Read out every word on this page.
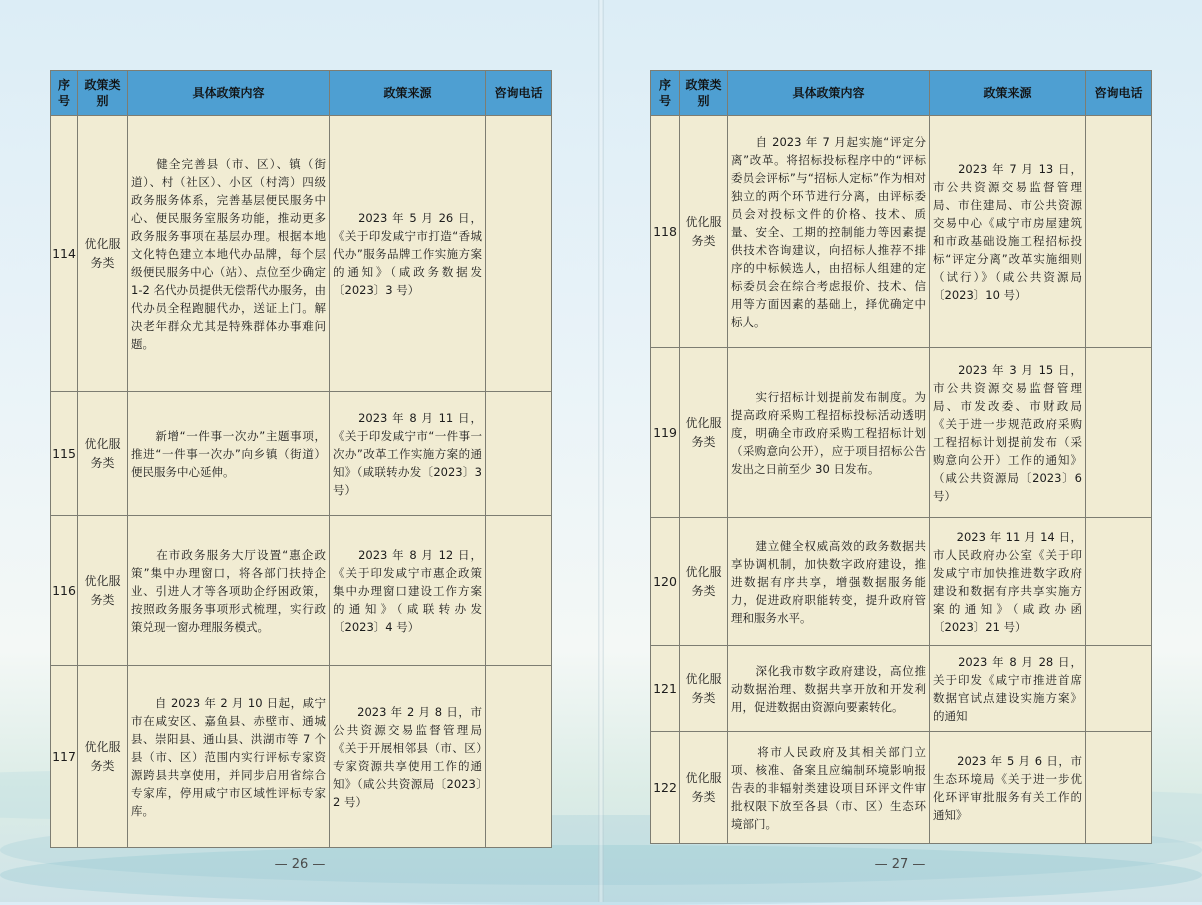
序号	政策类别	具体政策内容	政策来源	咨询电话
114	优化服务类	　　健全完善县（市、区）、镇（街道）、村（社区）、小区（村湾）四级政务服务体系，完善基层便民服务中心、便民服务室服务功能，推动更多政务服务事项在基层办理。根据本地文化特色建立本地代办品牌，每个层级便民服务中心（站）、点位至少确定 1-2 名代办员提供无偿帮代办服务，由代办员全程跑腿代办，送证上门。解决老年群众尤其是特殊群体办事难问题。	　　2023 年 5 月 26 日，《关于印发咸宁市打造“香城代办”服务品牌工作实施方案的通知》（咸政务数据发〔2023〕3 号）	
115	优化服务类	　　新增“一件事一次办”主题事项，推进“一件事一次办”向乡镇（街道）便民服务中心延伸。	　　2023 年 8 月 11 日，《关于印发咸宁市“一件事一次办”改革工作实施方案的通知》（咸联转办发〔2023〕3 号）	
116	优化服务类	　　在市政务服务大厅设置“惠企政策”集中办理窗口，将各部门扶持企业、引进人才等各项助企纾困政策，按照政务服务事项形式梳理，实行政策兑现一窗办理服务模式。	　　2023 年 8 月 12 日，《关于印发咸宁市惠企政策集中办理窗口建设工作方案的通知》（咸联转办发〔2023〕4 号）	
117	优化服务类	　　自 2023 年 2 月 10 日起，咸宁市在咸安区、嘉鱼县、赤壁市、通城县、崇阳县、通山县、洪湖市等 7 个县（市、区）范围内实行评标专家资源跨县共享使用，并同步启用省综合专家库，停用咸宁市区域性评标专家库。	　　2023 年 2 月 8 日，市公共资源交易监督管理局《关于开展相邻县（市、区）专家资源共享使用工作的通知》（咸公共资源局〔2023〕2 号）	
— 26 —
序号	政策类别	具体政策内容	政策来源	咨询电话
118	优化服务类	　　自 2023 年 7 月起实施“评定分离”改革。将招标投标程序中的“评标委员会评标”与“招标人定标”作为相对独立的两个环节进行分离，由评标委员会对投标文件的价格、技术、质量、安全、工期的控制能力等因素提供技术咨询建议，向招标人推荐不排序的中标候选人，由招标人组建的定标委员会在综合考虑报价、技术、信用等方面因素的基础上，择优确定中标人。	　　2023 年 7 月 13 日，市公共资源交易监督管理局、市住建局、市公共资源交易中心《咸宁市房屋建筑和市政基础设施工程招标投标“评定分离”改革实施细则（试行）》（咸公共资源局〔2023〕10 号）	
119	优化服务类	　　实行招标计划提前发布制度。为提高政府采购工程招标投标活动透明度，明确全市政府采购工程招标计划（采购意向公开），应于项目招标公告发出之日前至少 30 日发布。	　　2023 年 3 月 15 日，市公共资源交易监督管理局、市发改委、市财政局《关于进一步规范政府采购工程招标计划提前发布（采购意向公开）工作的通知》（咸公共资源局〔2023〕6 号）	
120	优化服务类	　　建立健全权威高效的政务数据共享协调机制，加快数字政府建设，推进数据有序共享，增强数据服务能力，促进政府职能转变，提升政府管理和服务水平。	　　2023 年 11 月 14 日，市人民政府办公室《关于印发咸宁市加快推进数字政府建设和数据有序共享实施方案的通知》（咸政办函〔2023〕21 号）	
121	优化服务类	　　深化我市数字政府建设，高位推动数据治理、数据共享开放和开发利用，促进数据由资源向要素转化。	　　2023 年 8 月 28 日，关于印发《咸宁市推进首席数据官试点建设实施方案》的通知	
122	优化服务类	　　将市人民政府及其相关部门立项、核准、备案且应编制环境影响报告表的非辐射类建设项目环评文件审批权限下放至各县（市、区）生态环境部门。	　　2023 年 5 月 6 日，市生态环境局《关于进一步优化环评审批服务有关工作的通知》	
— 27 —
